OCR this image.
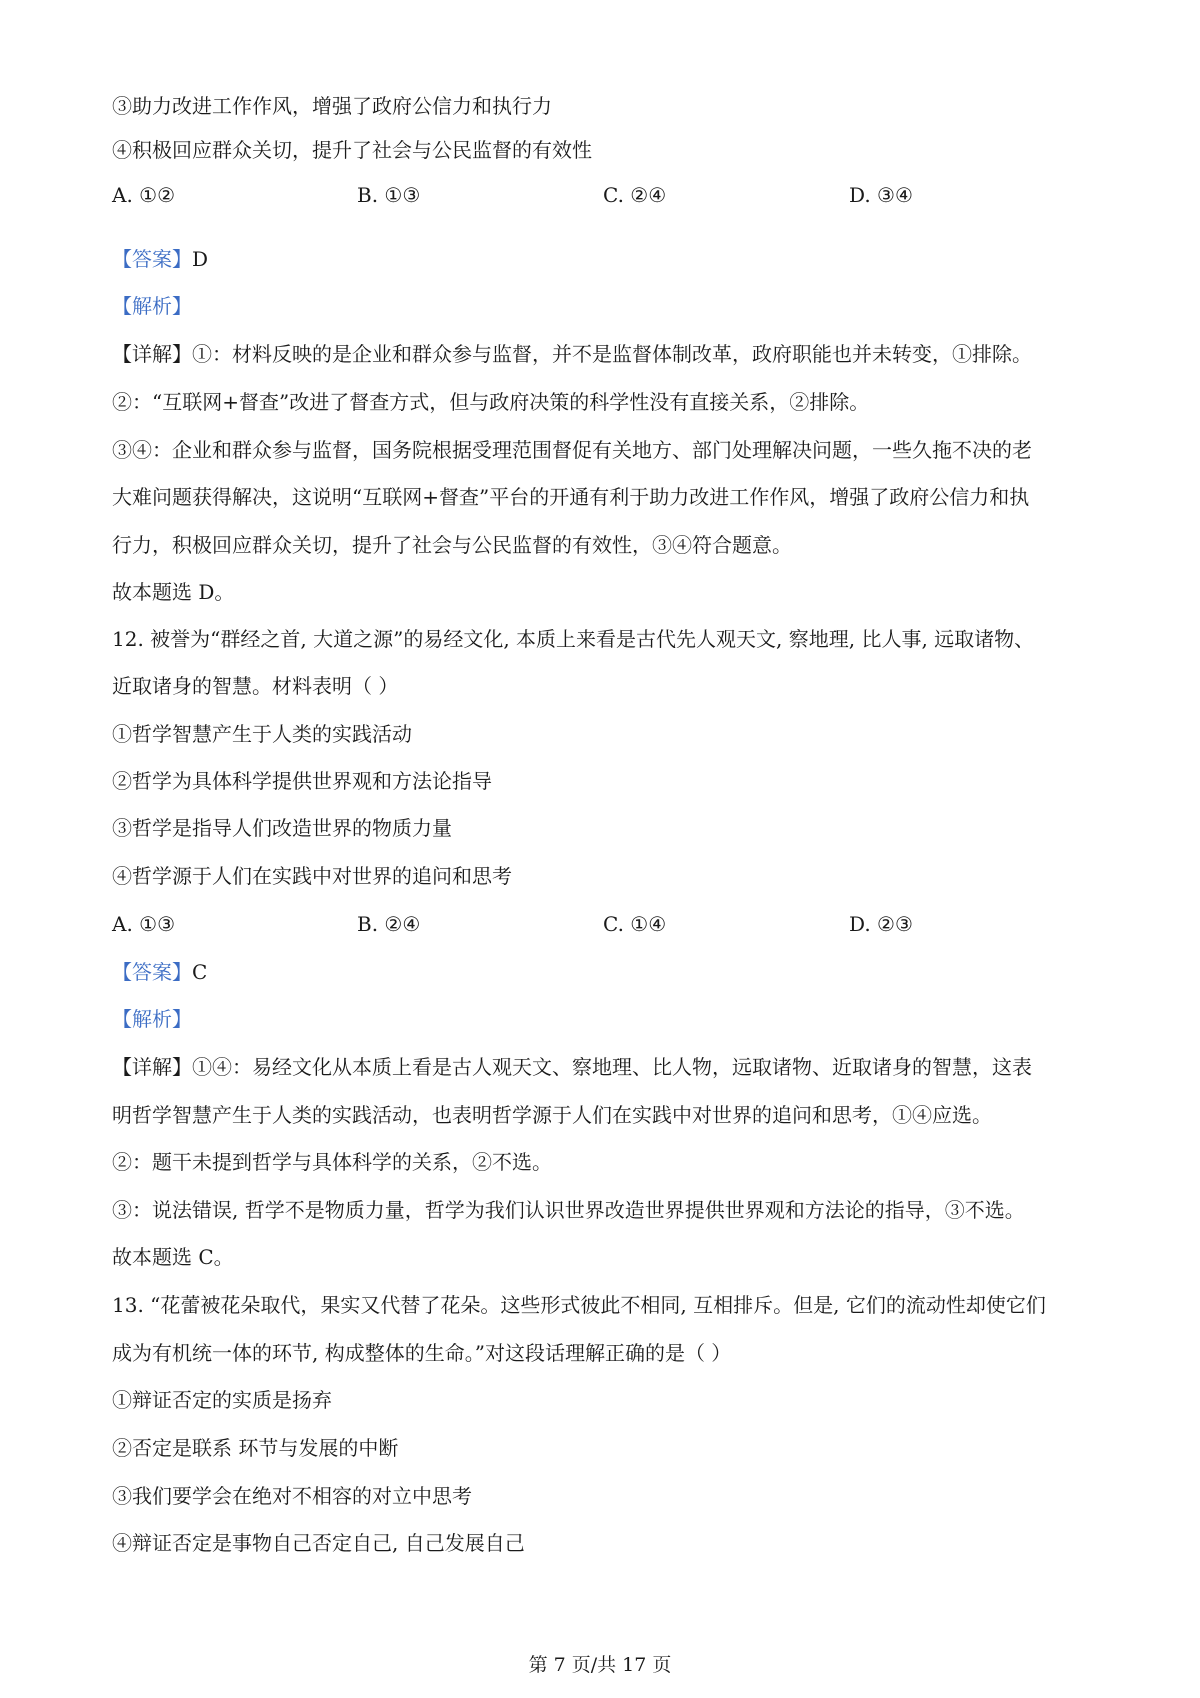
③助力改进工作作风，增强了政府公信力和执行力
④积极回应群众关切，提升了社会与公民监督的有效性
A. ①②	B. ①③	C. ②④	D. ③④
【答案】D
【解析】
【详解】①：材料反映的是企业和群众参与监督，并不是监督体制改革，政府职能也并未转变，①排除。
②：“互联网+督查”改进了督查方式，但与政府决策的科学性没有直接关系，②排除。
③④：企业和群众参与监督，国务院根据受理范围督促有关地方、部门处理解决问题，一些久拖不决的老
大难问题获得解决，这说明“互联网+督查”平台的开通有利于助力改进工作作风，增强了政府公信力和执
行力，积极回应群众关切，提升了社会与公民监督的有效性，③④符合题意。
故本题选 D。
12. 被誉为“群经之首, 大道之源”的易经文化, 本质上来看是古代先人观天文, 察地理, 比人事, 远取诸物、
近取诸身的智慧。材料表明（ ）
①哲学智慧产生于人类的实践活动
②哲学为具体科学提供世界观和方法论指导
③哲学是指导人们改造世界的物质力量
④哲学源于人们在实践中对世界的追问和思考
A. ①③	B. ②④	C. ①④	D. ②③
【答案】C
【解析】
【详解】①④：易经文化从本质上看是古人观天文、察地理、比人物，远取诸物、近取诸身的智慧，这表
明哲学智慧产生于人类的实践活动，也表明哲学源于人们在实践中对世界的追问和思考，①④应选。
②：题干未提到哲学与具体科学的关系，②不选。
③：说法错误, 哲学不是物质力量，哲学为我们认识世界改造世界提供世界观和方法论的指导，③不选。
故本题选 C。
13. “花蕾被花朵取代，果实又代替了花朵。这些形式彼此不相同, 互相排斥。但是, 它们的流动性却使它们
成为有机统一体的环节, 构成整体的生命。”对这段话理解正确的是（ ）
①辩证否定的实质是扬弃
②否定是联系 环节与发展的中断
③我们要学会在绝对不相容的对立中思考
④辩证否定是事物自己否定自己, 自己发展自己
第 7 页/共 17 页
